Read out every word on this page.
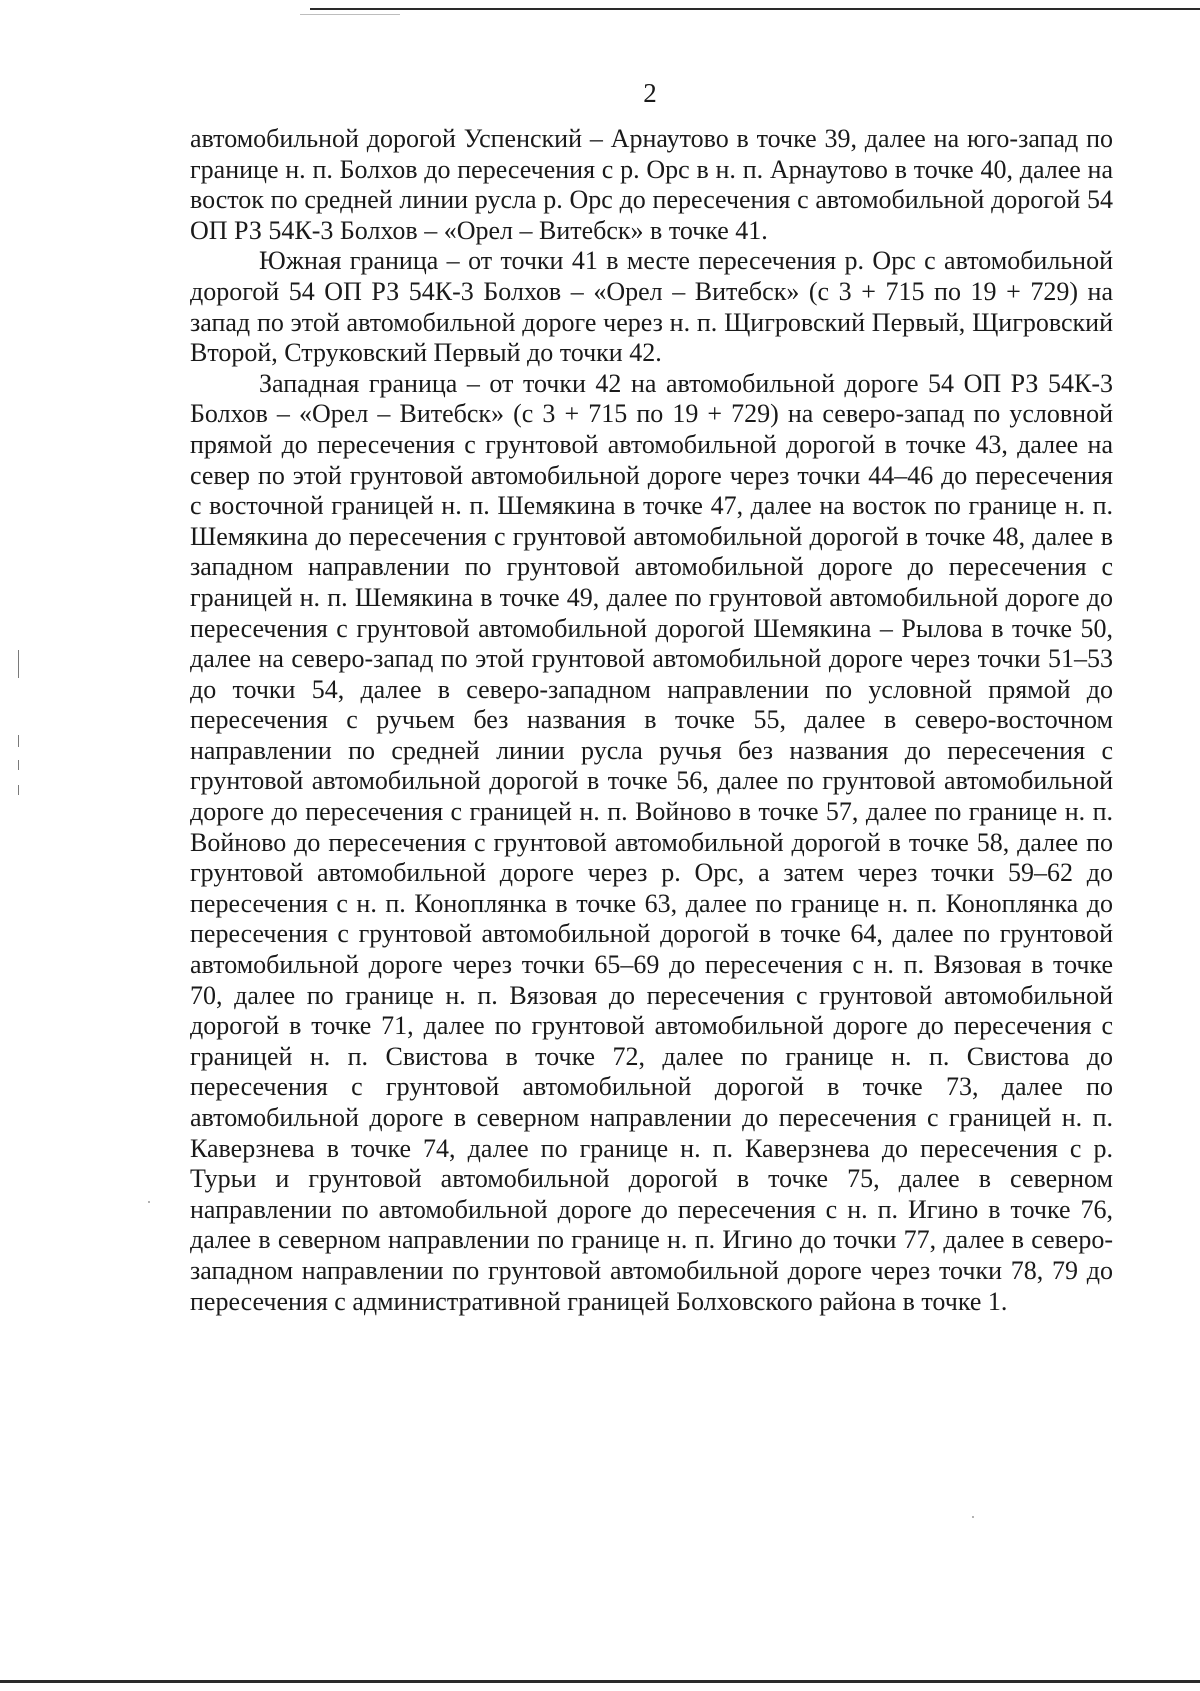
2

автомобильной дорогой Успенский – Арнаутово в точке 39, далее на юго-запад по границе н. п. Болхов до пересечения с р. Орс в н. п. Арнаутово в точке 40, далее на восток по средней линии русла р. Орс до пересечения с автомобильной дорогой 54 ОП РЗ 54К-3 Болхов – «Орел – Витебск» в точке 41.

Южная граница – от точки 41 в месте пересечения р. Орс с автомобильной дорогой 54 ОП РЗ 54К-3 Болхов – «Орел – Витебск» (с 3 + 715 по 19 + 729) на запад по этой автомобильной дороге через н. п. Щигровский Первый, Щигровский Второй, Струковский Первый до точки 42.

Западная граница – от точки 42 на автомобильной дороге 54 ОП РЗ 54К-3 Болхов – «Орел – Витебск» (с 3 + 715 по 19 + 729) на северо-запад по условной прямой до пересечения с грунтовой автомобильной дорогой в точке 43, далее на север по этой грунтовой автомобильной дороге через точки 44–46 до пересечения с восточной границей н. п. Шемякина в точке 47, далее на восток по границе н. п. Шемякина до пересечения с грунтовой автомобильной дорогой в точке 48, далее в западном направлении по грунтовой автомобильной дороге до пересечения с границей н. п. Шемякина в точке 49, далее по грунтовой автомобильной дороге до пересечения с грунтовой автомобильной дорогой Шемякина – Рылова в точке 50, далее на северо-запад по этой грунтовой автомобильной дороге через точки 51–53 до точки 54, далее в северо-западном направлении по условной прямой до пересечения с ручьем без названия в точке 55, далее в северо-восточном направлении по средней линии русла ручья без названия до пересечения с грунтовой автомобильной дорогой в точке 56, далее по грунтовой автомобильной дороге до пересечения с границей н. п. Войново в точке 57, далее по границе н. п. Войново до пересечения с грунтовой автомобильной дорогой в точке 58, далее по грунтовой автомобильной дороге через р. Орс, а затем через точки 59–62 до пересечения с н. п. Коноплянка в точке 63, далее по границе н. п. Коноплянка до пересечения с грунтовой автомобильной дорогой в точке 64, далее по грунтовой автомобильной дороге через точки 65–69 до пересечения с н. п. Вязовая в точке 70, далее по границе н. п. Вязовая до пересечения с грунтовой автомобильной дорогой в точке 71, далее по грунтовой автомобильной дороге до пересечения с границей н. п. Свистова в точке 72, далее по границе н. п. Свистова до пересечения с грунтовой автомобильной дорогой в точке 73, далее по автомобильной дороге в северном направлении до пересечения с границей н. п. Каверзнева в точке 74, далее по границе н. п. Каверзнева до пересечения с р. Турьи и грунтовой автомобильной дорогой в точке 75, далее в северном направлении по автомобильной дороге до пересечения с н. п. Игино в точке 76, далее в северном направлении по границе н. п. Игино до точки 77, далее в северо-западном направлении по грунтовой автомобильной дороге через точки 78, 79 до пересечения с административной границей Болховского района в точке 1.
